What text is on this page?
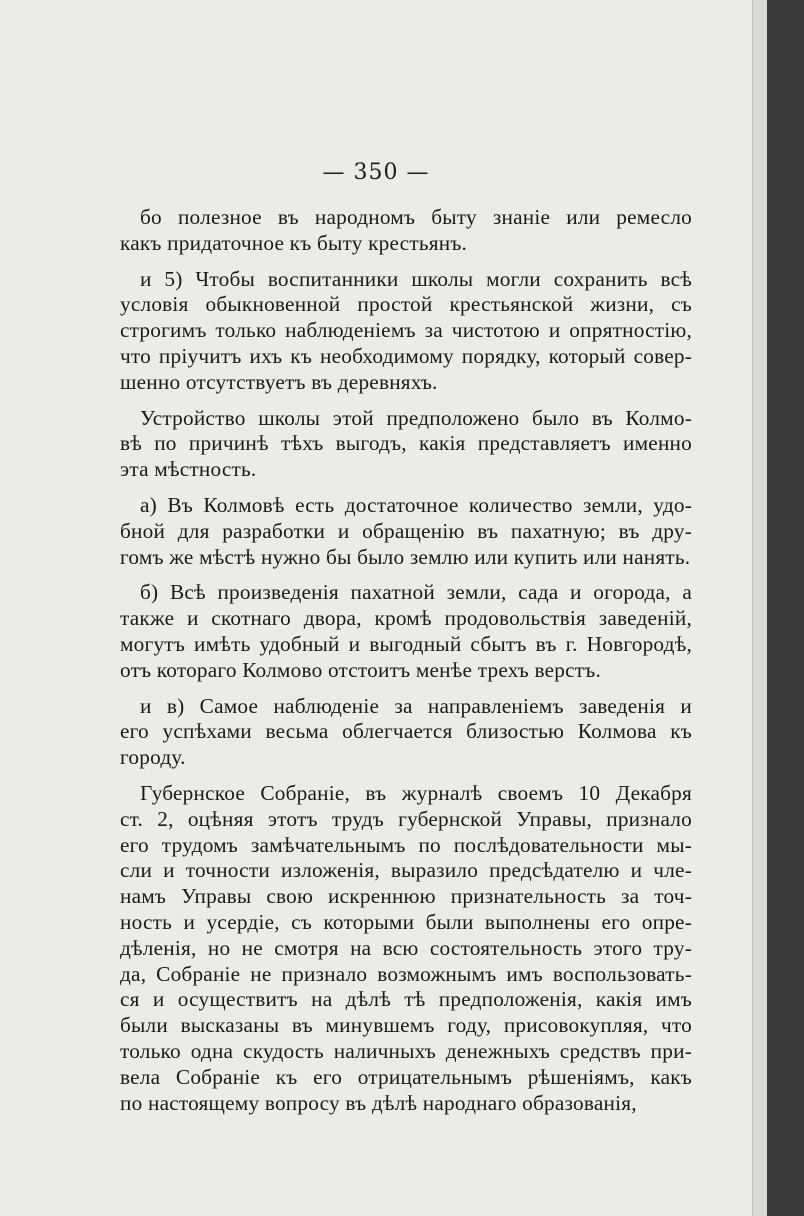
— 350 —
бо полезное въ народномъ быту знаніе или ремесло
какъ придаточное къ быту крестьянъ.
и 5) Чтобы воспитанники школы могли сохранить всѣ
условія обыкновенной простой крестьянской жизни, съ
строгимъ только наблюденіемъ за чистотою и опрятностію,
что пріучитъ ихъ къ необходимому порядку, который совер-
шенно отсутствуетъ въ деревняхъ.
Устройство школы этой предположено было въ Колмо-
вѣ по причинѣ тѣхъ выгодъ, какія представляетъ именно
эта мѣстность.
а) Въ Колмовѣ есть достаточное количество земли, удо-
бной для разработки и обращенію въ пахатную; въ дру-
гомъ же мѣстѣ нужно бы было землю или купить или нанять.
б) Всѣ произведенія пахатной земли, сада и огорода, а
также и скотнаго двора, кромѣ продовольствія заведеній,
могутъ имѣть удобный и выгодный сбытъ въ г. Новгородѣ,
отъ котораго Колмово отстоитъ менѣе трехъ верстъ.
и в) Самое наблюденіе за направленіемъ заведенія и
его успѣхами весьма облегчается близостью Колмова къ
городу.
Губернское Собраніе, въ журналѣ своемъ 10 Декабря
ст. 2, оцѣняя этотъ трудъ губернской Управы, призналo
его трудомъ замѣчательнымъ по послѣдовательности мы-
сли и точности изложенія, выразило предсѣдателю и чле-
намъ Управы свою искреннюю признательность за точ-
ность и усердіе, съ которыми были выполнены его опре-
дѣленія, но не смотря на всю состоятельность этого тру-
да, Собраніе не признало возможнымъ имъ воспользовать-
ся и осуществитъ на дѣлѣ тѣ предположенія, какія имъ
были высказаны въ минувшемъ году, присовокупляя, что
только одна скудость наличныхъ денежныхъ средствъ при-
вела Собраніе къ его отрицательнымъ рѣшеніямъ, какъ
по настоящему вопросу въ дѣлѣ народнаго образованія,
